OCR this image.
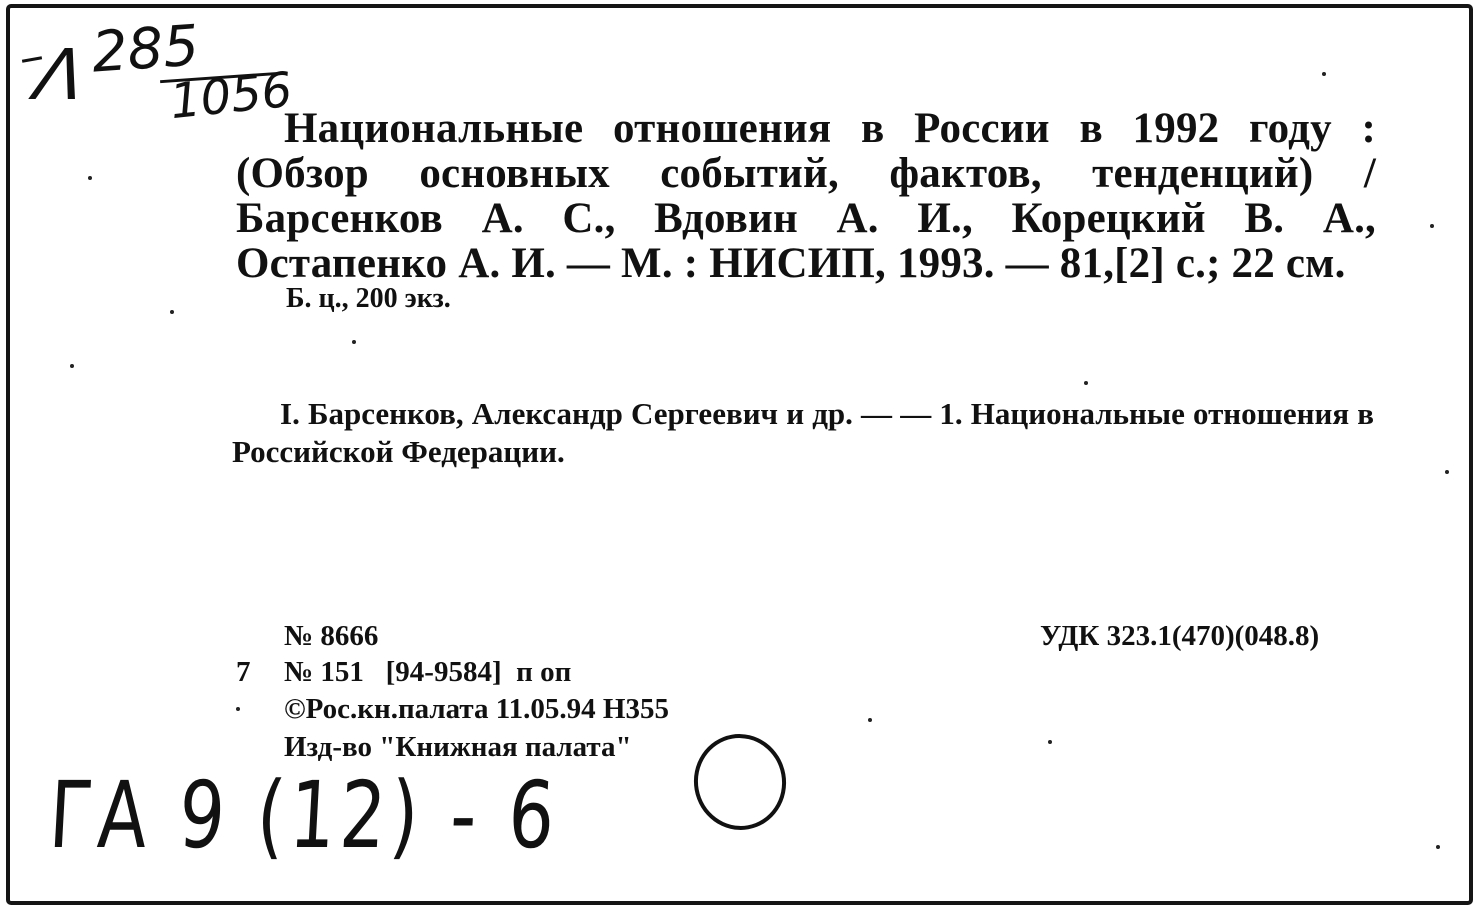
Λ 285
1056
Национальные отношения в России в 1992 году : (Обзор основных событий, фактов, тенденций) / Барсенков А. С., Вдовин А. И., Корецкий В. А., Остапенко А. И. — М. : НИСИП, 1993. — 81,[2] с.; 22 см.
Б. ц., 200 экз.
I. Барсенков, Александр Сергеевич и др. — — 1. Национальные отношения в Российской Федерации.
№ 8666	УДК 323.1(470)(048.8)
7 № 151   [94-9584]  п оп
©Рос.кн.палата 11.05.94 Н355
Изд-во "Книжная палата"
ГА 9 (12) - 6
